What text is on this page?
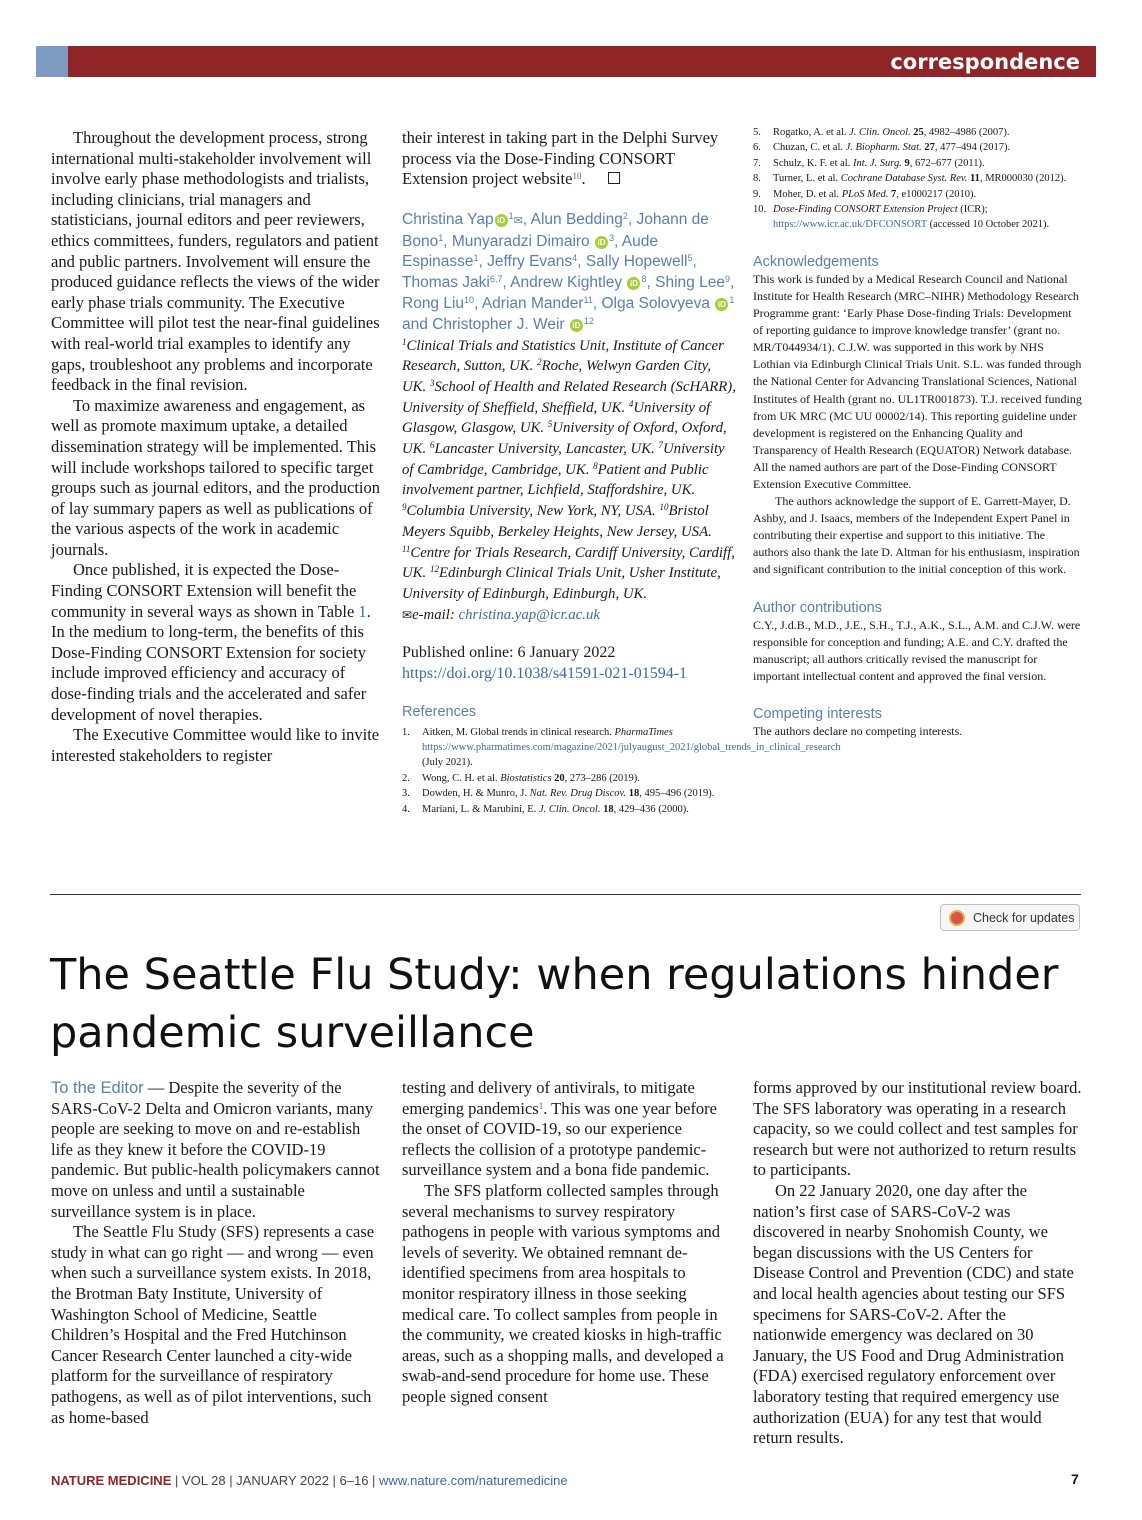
correspondence

Throughout the development process, strong international multi-stakeholder involvement will involve early phase methodologists and trialists, including clinicians, trial managers and statisticians, journal editors and peer reviewers, ethics committees, funders, regulators and patient and public partners. Involvement will ensure the produced guidance reflects the views of the wider early phase trials community. The Executive Committee will pilot test the near-final guidelines with real-world trial examples to identify any gaps, troubleshoot any problems and incorporate feedback in the final revision.

To maximize awareness and engagement, as well as promote maximum uptake, a detailed dissemination strategy will be implemented. This will include workshops tailored to specific target groups such as journal editors, and the production of lay summary papers as well as publications of the various aspects of the work in academic journals.

Once published, it is expected the Dose-Finding CONSORT Extension will benefit the community in several ways as shown in Table 1. In the medium to long-term, the benefits of this Dose-Finding CONSORT Extension for society include improved efficiency and accuracy of dose-finding trials and the accelerated and safer development of novel therapies.

The Executive Committee would like to invite interested stakeholders to register

their interest in taking part in the Delphi Survey process via the Dose-Finding CONSORT Extension project website$^{10}$.

Christina Yap iD $^1$✉, Alun Bedding$^2$, Johann de Bono$^1$, Munyaradzi Dimairo iD $^3$, Aude Espinasse$^1$, Jeffry Evans$^4$, Sally Hopewell$^5$, Thomas Jaki$^{6,7}$, Andrew Kightley iD $^8$, Shing Lee$^9$, Rong Liu$^{10}$, Adrian Mander$^{11}$, Olga Solovyeva iD $^1$ and Christopher J. Weir iD $^{12}$

$^1$Clinical Trials and Statistics Unit, Institute of Cancer Research, Sutton, UK. $^2$Roche, Welwyn Garden City, UK. $^3$School of Health and Related Research (ScHARR), University of Sheffield, Sheffield, UK. $^4$University of Glasgow, Glasgow, UK. $^5$University of Oxford, Oxford, UK. $^6$Lancaster University, Lancaster, UK. $^7$University of Cambridge, Cambridge, UK. $^8$Patient and Public involvement partner, Lichfield, Staffordshire, UK. $^9$Columbia University, New York, NY, USA. $^{10}$Bristol Meyers Squibb, Berkeley Heights, New Jersey, USA. $^{11}$Centre for Trials Research, Cardiff University, Cardiff, UK. $^{12}$Edinburgh Clinical Trials Unit, Usher Institute, University of Edinburgh, Edinburgh, UK.
✉e-mail: christina.yap@icr.ac.uk

Published online: 6 January 2022

https://doi.org/10.1038/s41591-021-01594-1

References

1. Aitken, M. Global trends in clinical research. PharmaTimes https://www.pharmatimes.com/magazine/2021/julyaugust_2021/global_trends_in_clinical_research (July 2021).
2. Wong, C. H. et al. Biostatistics 20, 273–286 (2019).
3. Dowden, H. & Munro, J. Nat. Rev. Drug Discov. 18, 495–496 (2019).
4. Mariani, L. & Marubini, E. J. Clin. Oncol. 18, 429–436 (2000).
5. Rogatko, A. et al. J. Clin. Oncol. 25, 4982–4986 (2007).
6. Chuzan, C. et al. J. Biopharm. Stat. 27, 477–494 (2017).
7. Schulz, K. F. et al. Int. J. Surg. 9, 672–677 (2011).
8. Turner, L. et al. Cochrane Database Syst. Rev. 11, MR000030 (2012).
9. Moher, D. et al. PLoS Med. 7, e1000217 (2010).
10. Dose-Finding CONSORT Extension Project (ICR); https://www.icr.ac.uk/DFCONSORT (accessed 10 October 2021).

Acknowledgements

This work is funded by a Medical Research Council and National Institute for Health Research (MRC–NIHR) Methodology Research Programme grant: ‘Early Phase Dose-finding Trials: Development of reporting guidance to improve knowledge transfer’ (grant no. MR/T044934/1). C.J.W. was supported in this work by NHS Lothian via Edinburgh Clinical Trials Unit. S.L. was funded through the National Center for Advancing Translational Sciences, National Institutes of Health (grant no. UL1TR001873). T.J. received funding from UK MRC (MC UU 00002/14). This reporting guideline under development is registered on the Enhancing Quality and Transparency of Health Research (EQUATOR) Network database. All the named authors are part of the Dose-Finding CONSORT Extension Executive Committee.

The authors acknowledge the support of E. Garrett-Mayer, D. Ashby, and J. Isaacs, members of the Independent Expert Panel in contributing their expertise and support to this initiative. The authors also thank the late D. Altman for his enthusiasm, inspiration and significant contribution to the initial conception of this work.

Author contributions

C.Y., J.d.B., M.D., J.E., S.H., T.J., A.K., S.L., A.M. and C.J.W. were responsible for conception and funding; A.E. and C.Y. drafted the manuscript; all authors critically revised the manuscript for important intellectual content and approved the final version.

Competing interests

The authors declare no competing interests.

Check for updates
The Seattle Flu Study: when regulations hinder pandemic surveillance

To the Editor — Despite the severity of the SARS-CoV-2 Delta and Omicron variants, many people are seeking to move on and re-establish life as they knew it before the COVID-19 pandemic. But public-health policymakers cannot move on unless and until a sustainable surveillance system is in place.

The Seattle Flu Study (SFS) represents a case study in what can go right — and wrong — even when such a surveillance system exists. In 2018, the Brotman Baty Institute, University of Washington School of Medicine, Seattle Children’s Hospital and the Fred Hutchinson Cancer Research Center launched a city-wide platform for the surveillance of respiratory pathogens, as well as of pilot interventions, such as home-based

testing and delivery of antivirals, to mitigate emerging pandemics$^1$. This was one year before the onset of COVID-19, so our experience reflects the collision of a prototype pandemic-surveillance system and a bona fide pandemic.

The SFS platform collected samples through several mechanisms to survey respiratory pathogens in people with various symptoms and levels of severity. We obtained remnant de-identified specimens from area hospitals to monitor respiratory illness in those seeking medical care. To collect samples from people in the community, we created kiosks in high-traffic areas, such as a shopping malls, and developed a swab-and-send procedure for home use. These people signed consent

forms approved by our institutional review board. The SFS laboratory was operating in a research capacity, so we could collect and test samples for research but were not authorized to return results to participants.

On 22 January 2020, one day after the nation’s first case of SARS-CoV-2 was discovered in nearby Snohomish County, we began discussions with the US Centers for Disease Control and Prevention (CDC) and state and local health agencies about testing our SFS specimens for SARS-CoV-2. After the nationwide emergency was declared on 30 January, the US Food and Drug Administration (FDA) exercised regulatory enforcement over laboratory testing that required emergency use authorization (EUA) for any test that would return results.

NATURE MEDICINE | VOL 28 | JANUARY 2022 | 6–16 | www.nature.com/naturemedicine	7
